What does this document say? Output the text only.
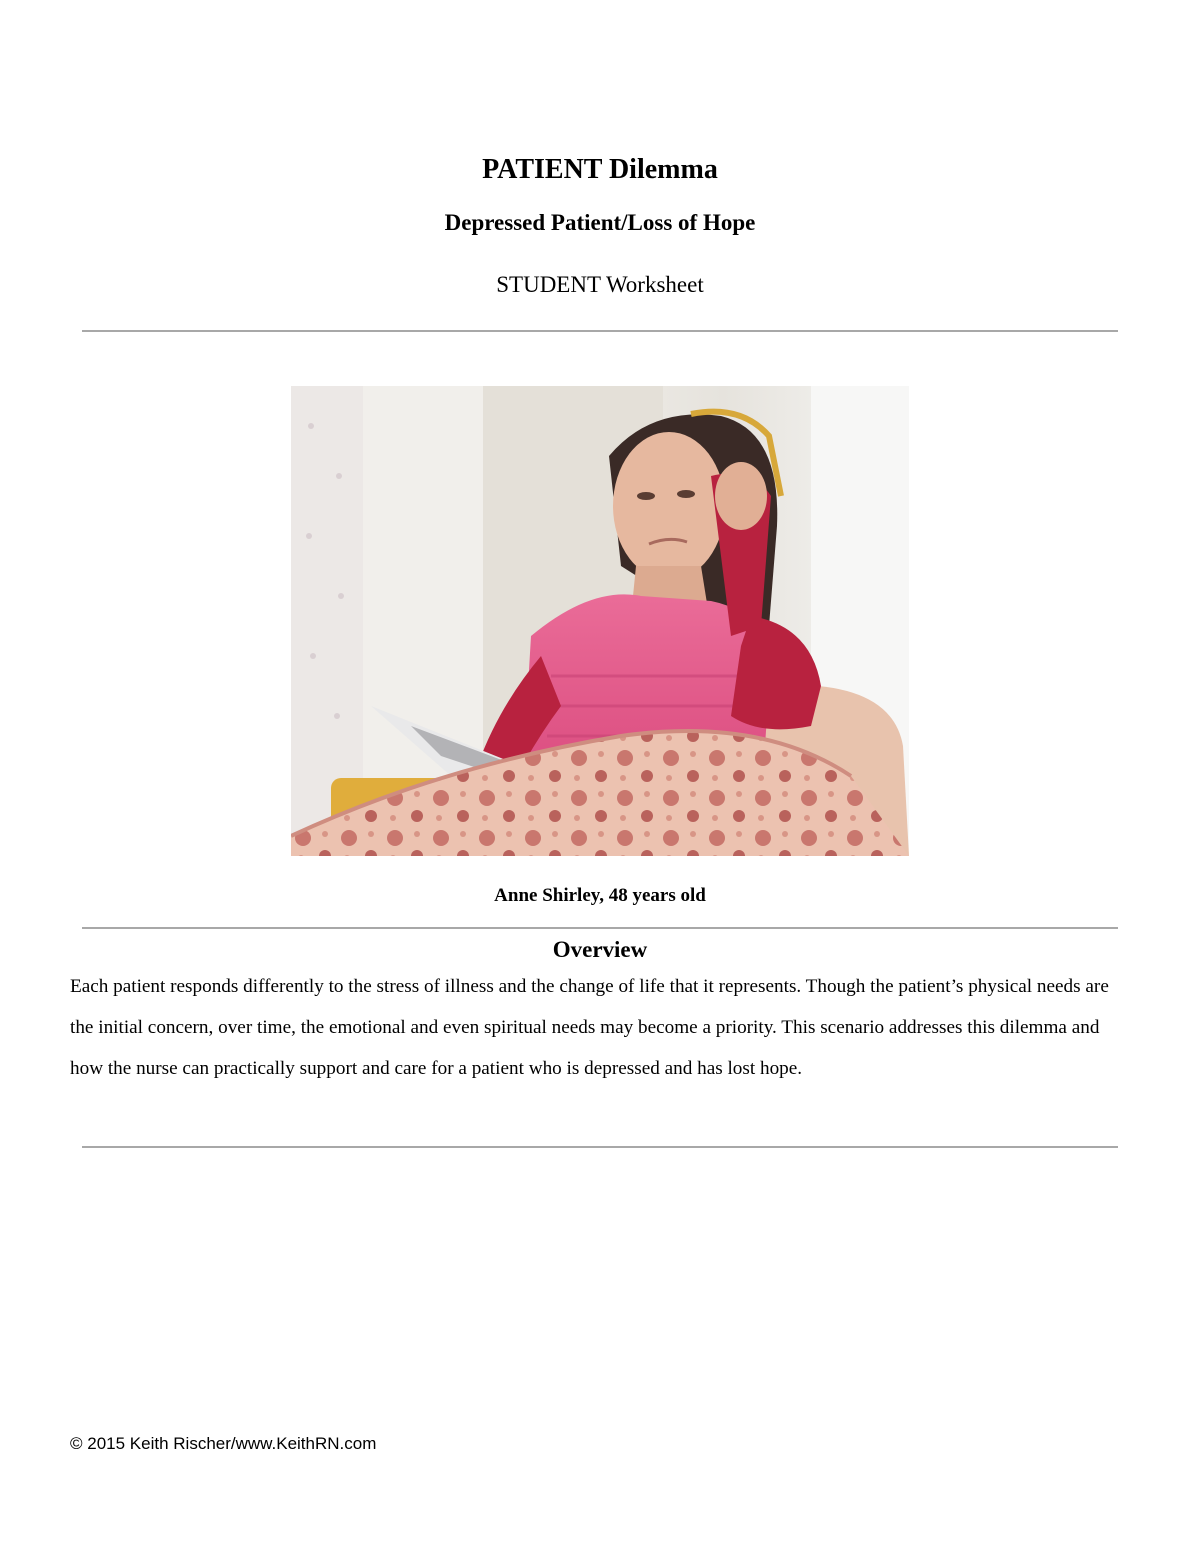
PATIENT Dilemma
Depressed Patient/Loss of Hope
STUDENT Worksheet
Anne Shirley, 48 years old
Overview
Each patient responds differently to the stress of illness and the change of life that it represents. Though the patient’s physical needs are the initial concern, over time, the emotional and even spiritual needs may become a priority. This scenario addresses this dilemma and how the nurse can practically support and care for a patient who is depressed and has lost hope.
© 2015 Keith Rischer/www.KeithRN.com
